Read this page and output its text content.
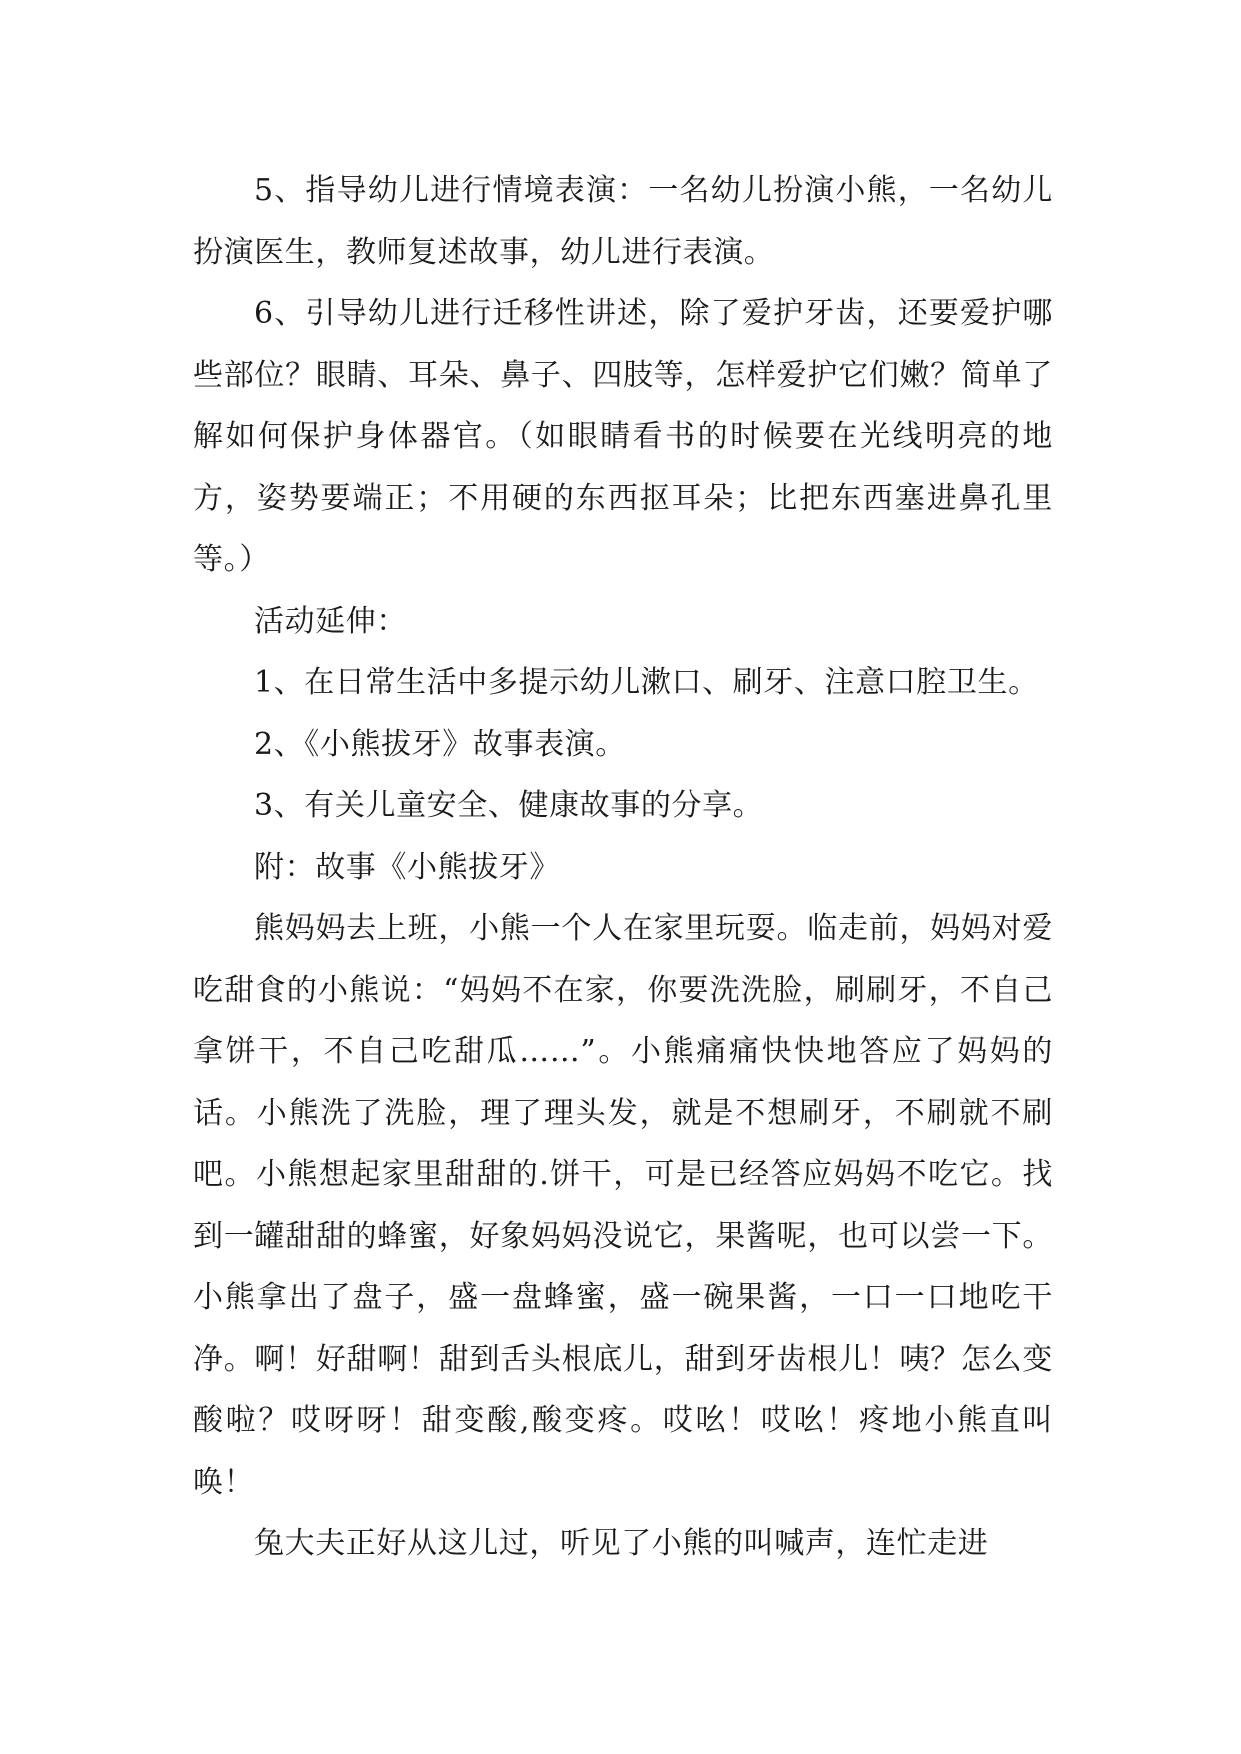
5、指导幼儿进行情境表演：一名幼儿扮演小熊，一名幼儿扮演医生，教师复述故事，幼儿进行表演。

6、引导幼儿进行迁移性讲述，除了爱护牙齿，还要爱护哪些部位？眼睛、耳朵、鼻子、四肢等，怎样爱护它们嫩？简单了解如何保护身体器官。（如眼睛看书的时候要在光线明亮的地方，姿势要端正；不用硬的东西抠耳朵；比把东西塞进鼻孔里等。）

活动延伸：

1、在日常生活中多提示幼儿漱口、刷牙、注意口腔卫生。

2、《小熊拔牙》故事表演。

3、有关儿童安全、健康故事的分享。

附：故事《小熊拔牙》

熊妈妈去上班，小熊一个人在家里玩耍。临走前，妈妈对爱吃甜食的小熊说：“妈妈不在家，你要洗洗脸，刷刷牙，不自己拿饼干，不自己吃甜瓜……”。小熊痛痛快快地答应了妈妈的话。小熊洗了洗脸，理了理头发，就是不想刷牙，不刷就不刷吧。小熊想起家里甜甜的.饼干，可是已经答应妈妈不吃它。找到一罐甜甜的蜂蜜，好象妈妈没说它，果酱呢，也可以尝一下。小熊拿出了盘子，盛一盘蜂蜜，盛一碗果酱，一口一口地吃干净。啊！好甜啊！甜到舌头根底儿，甜到牙齿根儿！咦？怎么变酸啦？哎呀呀！甜变酸,酸变疼。哎吆！哎吆！疼地小熊直叫唤！

兔大夫正好从这儿过，听见了小熊的叫喊声，连忙走进
